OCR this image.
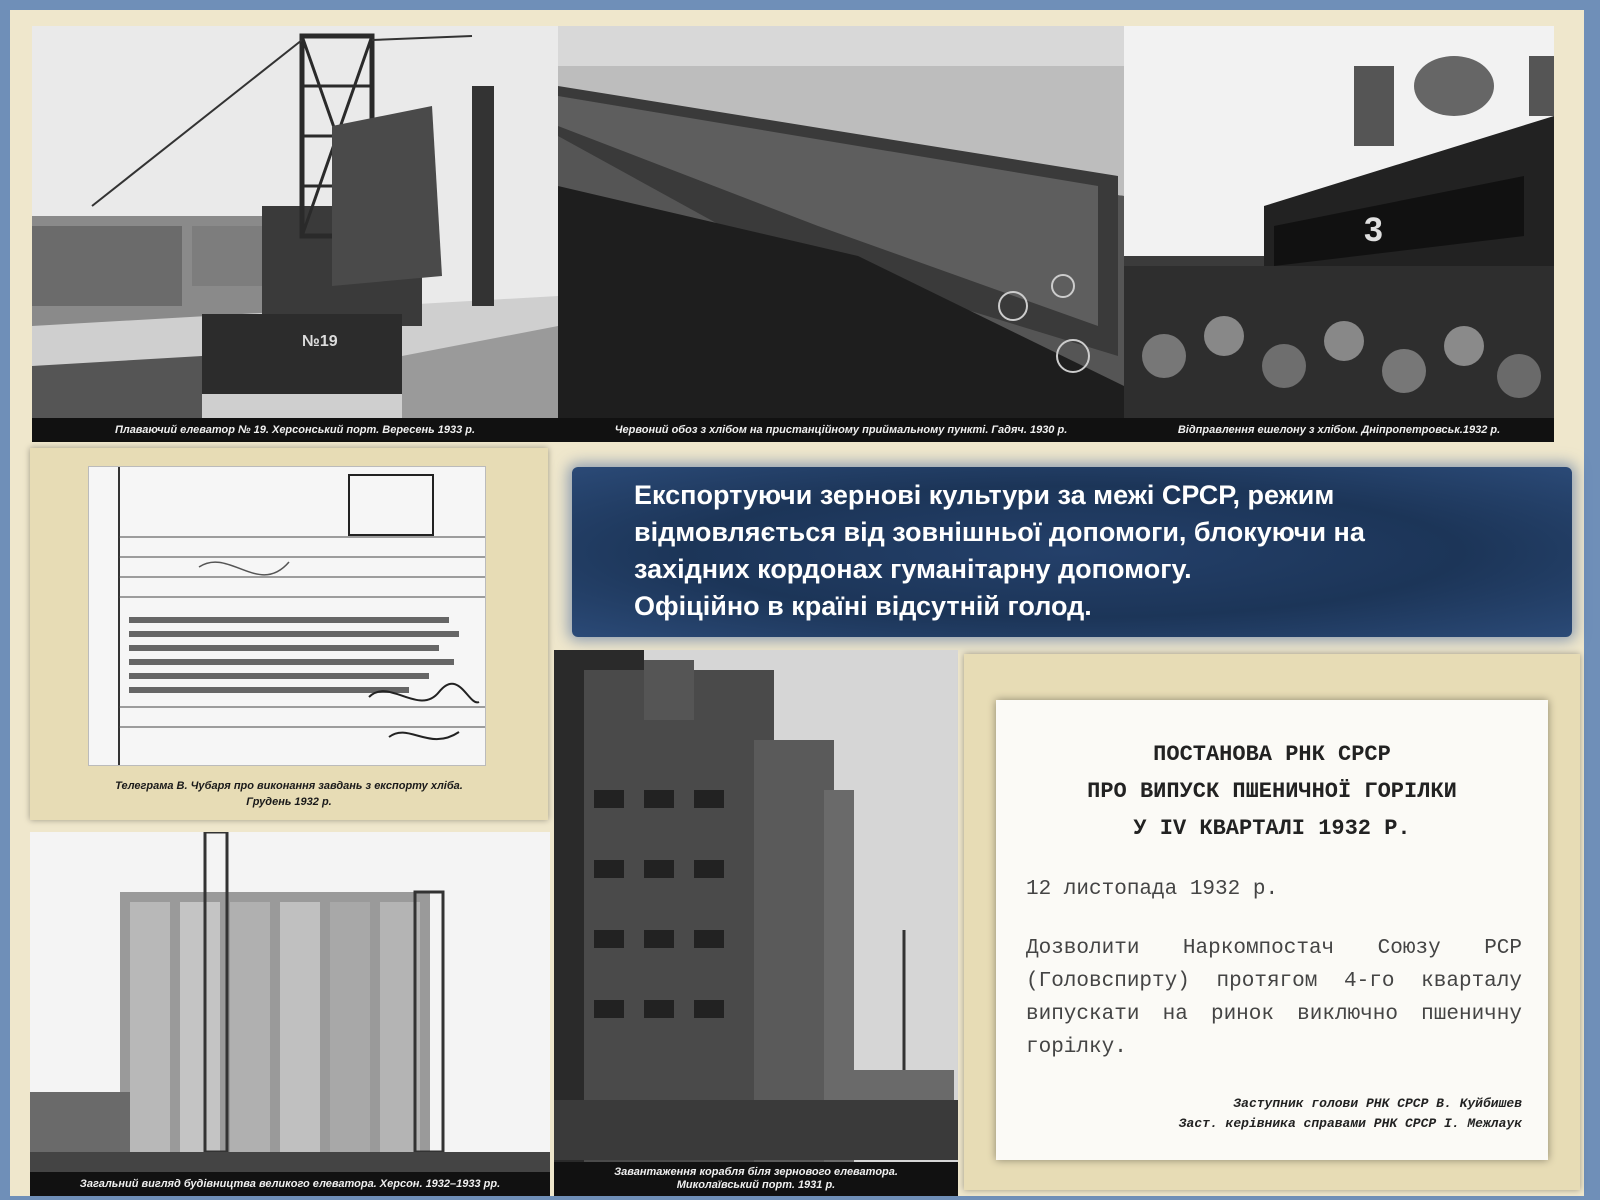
№19
Плаваючий елеватор № 19. Херсонський порт. Вересень 1933 р.	Червоний обоз з хлібом на пристанційному приймальному пункті. Гадяч. 1930 р.
3
Відправлення ешелону з хлібом. Дніпропетровськ.1932 р.
Телеграма В. Чубаря про виконання завдань з експорту хліба.
Грудень 1932 р.
Експортуючи зернові культури за межі СРСР, режим
відмовляється від зовнішньої допомоги, блокуючи на
західних кордонах гуманітарну допомогу.
Офіційно в країні відсутній голод.
Загальний вигляд будівництва великого елеватора. Херсон. 1932–1933 рр.
Завантаження корабля біля зернового елеватора.
Миколаївський порт. 1931 р.
ПОСТАНОВА РНК СРСР
ПРО ВИПУСК ПШЕНИЧНОЇ ГОРІЛКИ
У IV КВАРТАЛІ 1932 Р.
12 листопада 1932 р.
Дозволити Наркомпостач Союзу РСР (Головспирту) протягом 4-го кварталу випускати на ринок виключно пшеничну горілку.
Заступник голови РНК СРСР В. Куйбишев
Заст. керівника справами РНК СРСР І. Межлаук
